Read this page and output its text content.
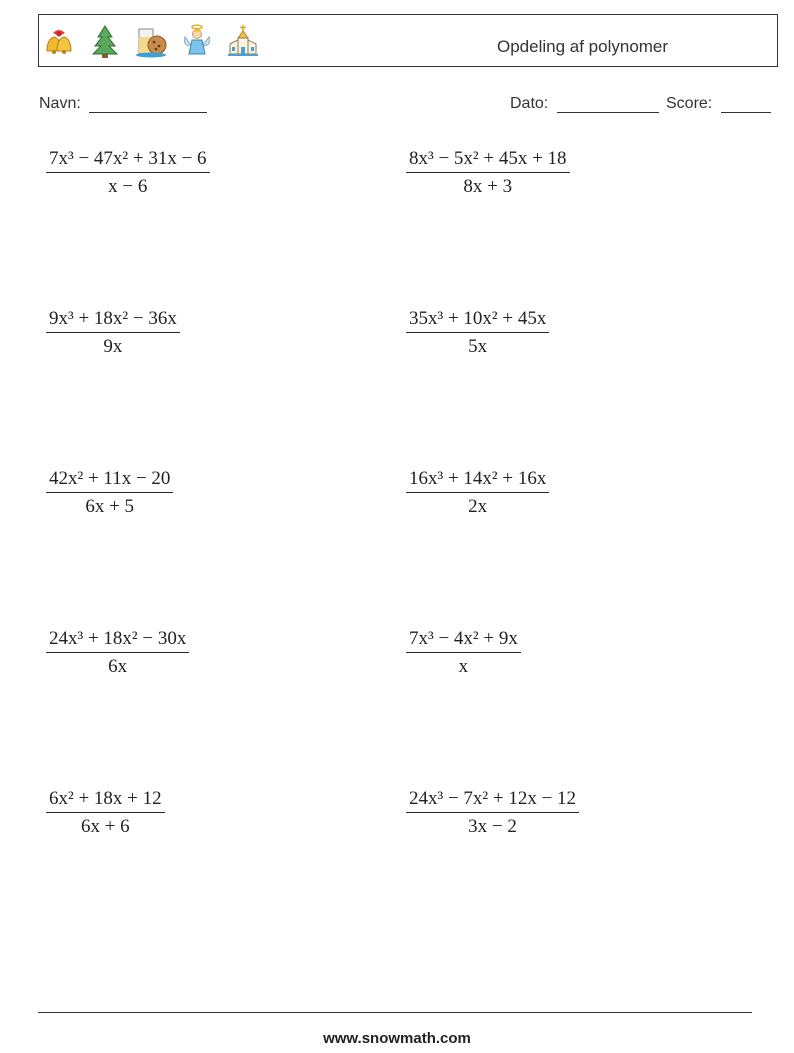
Opdeling af polynomer
Navn:	Dato:	Score:
$\frac{\text{7x³ − 47x² + 31x − 6}}{x - 6}$	$\frac{\text{8x³ − 5x² + 45x + 18}}{8x + 3}$
$\frac{\text{9x³ + 18x² − 36x}}{9x}$	$\frac{\text{35x³ + 10x² + 45x}}{5x}$
$\frac{\text{42x² + 11x − 20}}{6x + 5}$	$\frac{\text{16x³ + 14x² + 16x}}{2x}$
$\frac{\text{24x³ + 18x² − 30x}}{6x}$	$\frac{\text{7x³ − 4x² + 9x}}{x}$
$\frac{\text{6x² + 18x + 12}}{6x + 6}$	$\frac{\text{24x³ − 7x² + 12x − 12}}{3x - 2}$
www.snowmath.com
